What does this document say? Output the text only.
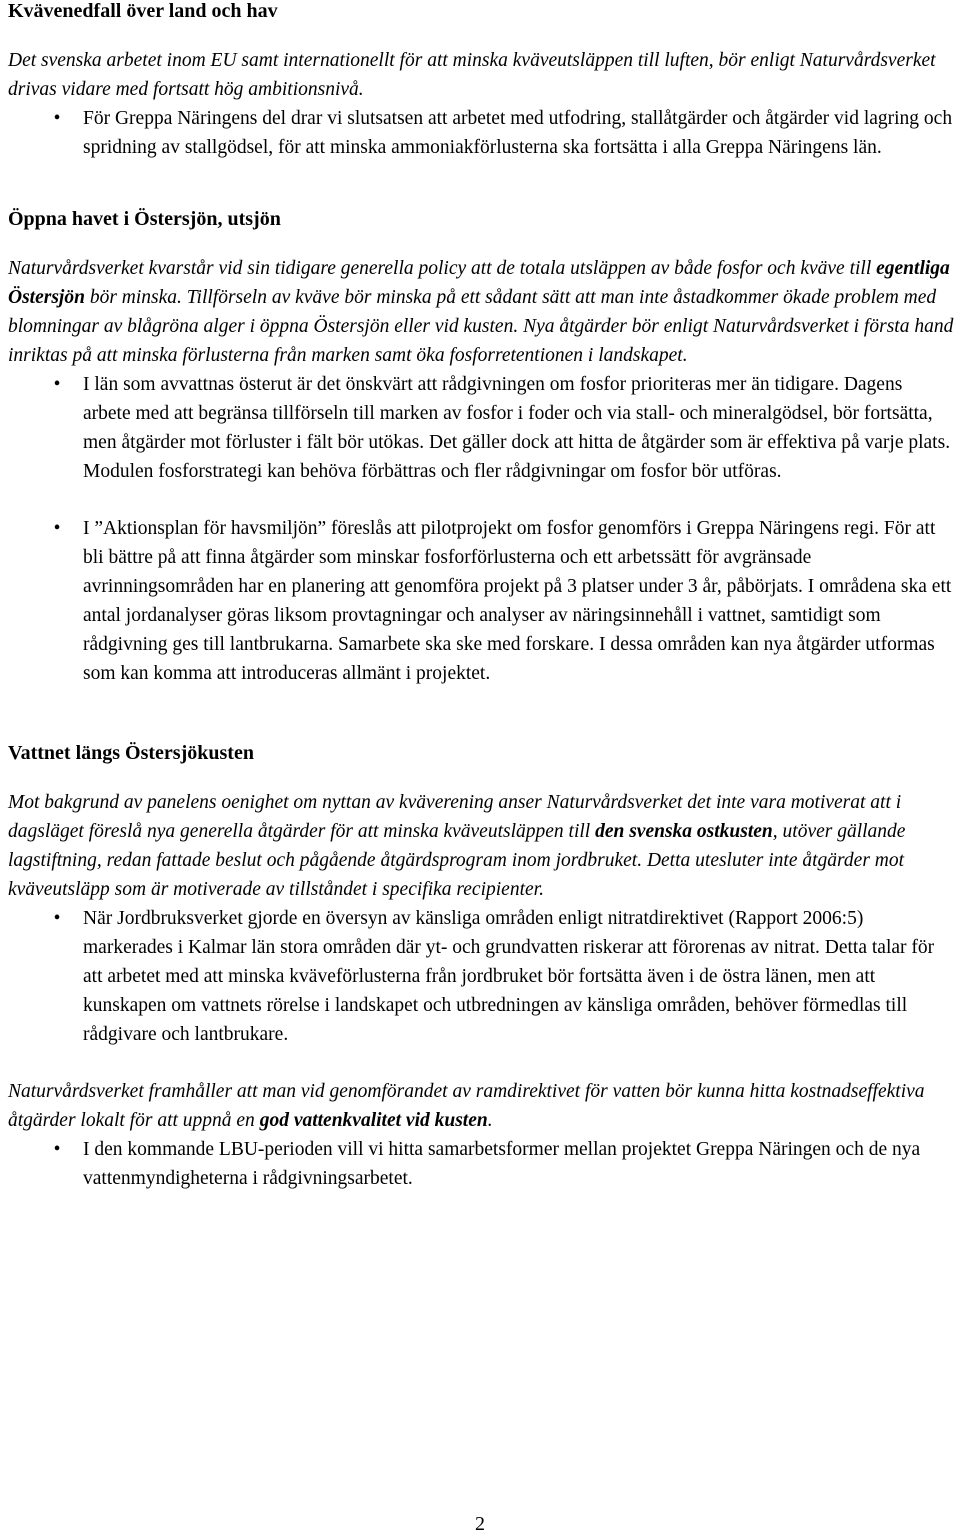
Kvävenedfall över land och hav

Det svenska arbetet inom EU samt internationellt för att minska kväveutsläppen till luften, bör enligt Naturvårdsverket drivas vidare med fortsatt hög ambitionsnivå.

• För Greppa Näringens del drar vi slutsatsen att arbetet med utfodring, stallåtgärder och åtgärder vid lagring och spridning av stallgödsel, för att minska ammoniakförlusterna ska fortsätta i alla Greppa Näringens län.
Öppna havet i Östersjön, utsjön

Naturvårdsverket kvarstår vid sin tidigare generella policy att de totala utsläppen av både fosfor och kväve till egentliga Östersjön bör minska. Tillförseln av kväve bör minska på ett sådant sätt att man inte åstadkommer ökade problem med blomningar av blågröna alger i öppna Östersjön eller vid kusten. Nya åtgärder bör enligt Naturvårdsverket i första hand inriktas på att minska förlusterna från marken samt öka fosforretentionen i landskapet.

• I län som avvattnas österut är det önskvärt att rådgivningen om fosfor prioriteras mer än tidigare. Dagens arbete med att begränsa tillförseln till marken av fosfor i foder och via stall- och mineralgödsel, bör fortsätta, men åtgärder mot förluster i fält bör utökas. Det gäller dock att hitta de åtgärder som är effektiva på varje plats. Modulen fosforstrategi kan behöva förbättras och fler rådgivningar om fosfor bör utföras.
• I ”Aktionsplan för havsmiljön” föreslås att pilotprojekt om fosfor genomförs i Greppa Näringens regi. För att bli bättre på att finna åtgärder som minskar fosforförlusterna och ett arbetssätt för avgränsade avrinningsområden har en planering att genomföra projekt på 3 platser under 3 år, påbörjats. I områdena ska ett antal jordanalyser göras liksom provtagningar och analyser av näringsinnehåll i vattnet, samtidigt som rådgivning ges till lantbrukarna. Samarbete ska ske med forskare. I dessa områden kan nya åtgärder utformas som kan komma att introduceras allmänt i projektet.
Vattnet längs Östersjökusten

Mot bakgrund av panelens oenighet om nyttan av kväverening anser Naturvårdsverket det inte vara motiverat att i dagsläget föreslå nya generella åtgärder för att minska kväveutsläppen till den svenska ostkusten, utöver gällande lagstiftning, redan fattade beslut och pågående åtgärdsprogram inom jordbruket. Detta utesluter inte åtgärder mot kväveutsläpp som är motiverade av tillståndet i specifika recipienter.

• När Jordbruksverket gjorde en översyn av känsliga områden enligt nitratdirektivet (Rapport 2006:5) markerades i Kalmar län stora områden där yt- och grundvatten riskerar att förorenas av nitrat. Detta talar för att arbetet med att minska kväveförlusterna från jordbruket bör fortsätta även i de östra länen, men att kunskapen om vattnets rörelse i landskapet och utbredningen av känsliga områden, behöver förmedlas till rådgivare och lantbrukare.

Naturvårdsverket framhåller att man vid genomförandet av ramdirektivet för vatten bör kunna hitta kostnadseffektiva åtgärder lokalt för att uppnå en god vattenkvalitet vid kusten.

• I den kommande LBU-perioden vill vi hitta samarbetsformer mellan projektet Greppa Näringen och de nya vattenmyndigheterna i rådgivningsarbetet.
2
